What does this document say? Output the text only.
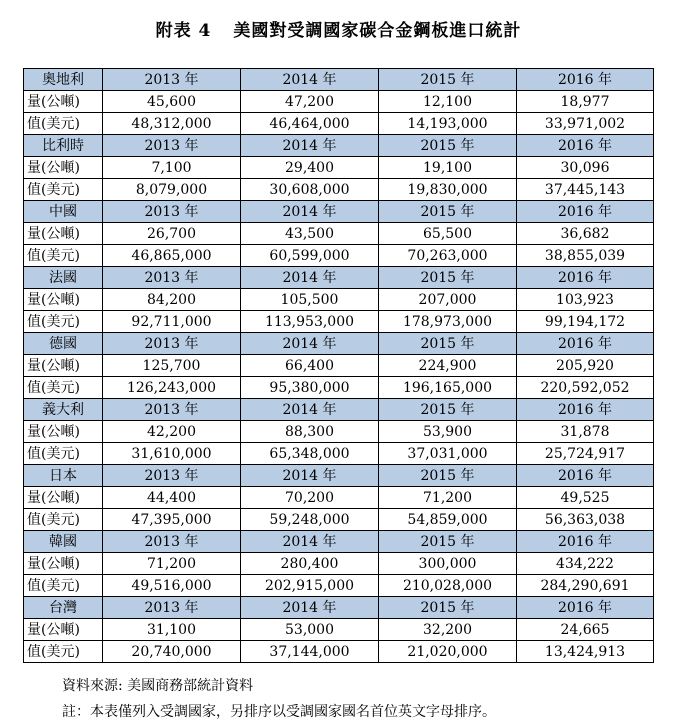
附表 4 美國對受調國家碳合金鋼板進口統計
奧地利	2013 年	2014 年	2015 年	2016 年
量(公噸)	45,600	47,200	12,100	18,977
值(美元)	48,312,000	46,464,000	14,193,000	33,971,002
比利時	2013 年	2014 年	2015 年	2016 年
量(公噸)	7,100	29,400	19,100	30,096
值(美元)	8,079,000	30,608,000	19,830,000	37,445,143
中國	2013 年	2014 年	2015 年	2016 年
量(公噸)	26,700	43,500	65,500	36,682
值(美元)	46,865,000	60,599,000	70,263,000	38,855,039
法國	2013 年	2014 年	2015 年	2016 年
量(公噸)	84,200	105,500	207,000	103,923
值(美元)	92,711,000	113,953,000	178,973,000	99,194,172
德國	2013 年	2014 年	2015 年	2016 年
量(公噸)	125,700	66,400	224,900	205,920
值(美元)	126,243,000	95,380,000	196,165,000	220,592,052
義大利	2013 年	2014 年	2015 年	2016 年
量(公噸)	42,200	88,300	53,900	31,878
值(美元)	31,610,000	65,348,000	37,031,000	25,724,917
日本	2013 年	2014 年	2015 年	2016 年
量(公噸)	44,400	70,200	71,200	49,525
值(美元)	47,395,000	59,248,000	54,859,000	56,363,038
韓國	2013 年	2014 年	2015 年	2016 年
量(公噸)	71,200	280,400	300,000	434,222
值(美元)	49,516,000	202,915,000	210,028,000	284,290,691
台灣	2013 年	2014 年	2015 年	2016 年
量(公噸)	31,100	53,000	32,200	24,665
值(美元)	20,740,000	37,144,000	21,020,000	13,424,913
資料來源: 美國商務部統計資料
註：本表僅列入受調國家，另排序以受調國家國名首位英文字母排序。
